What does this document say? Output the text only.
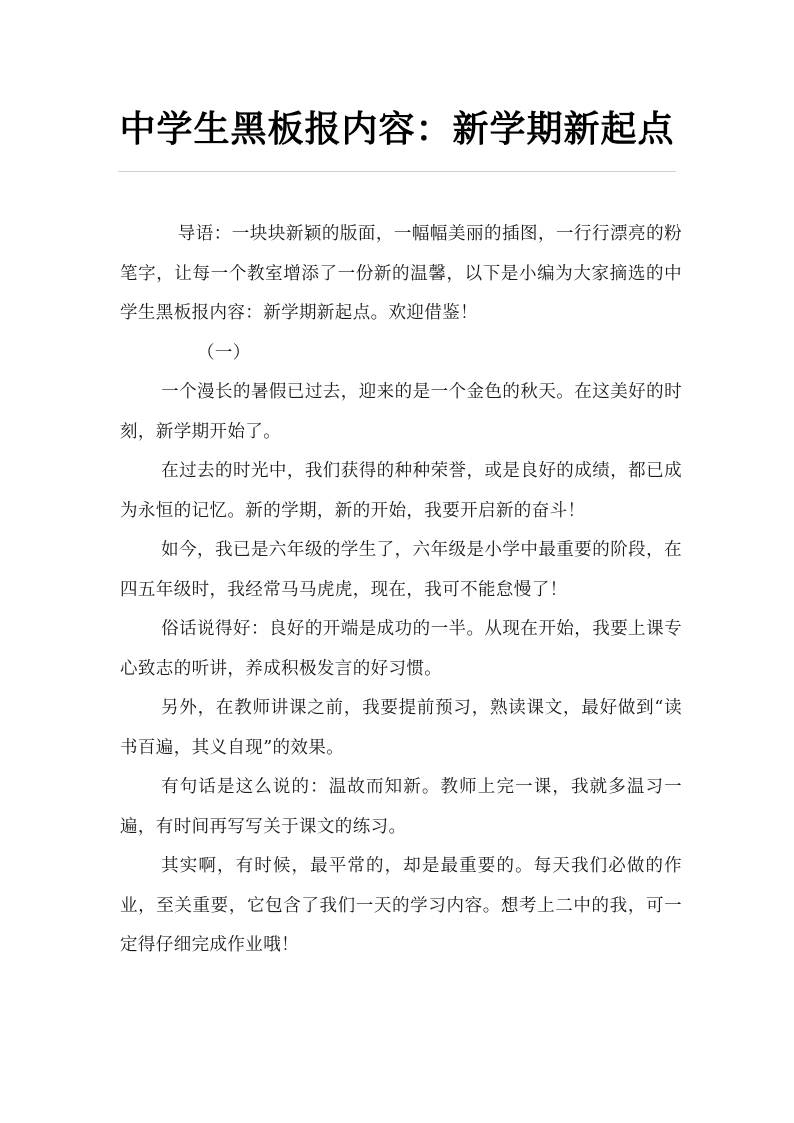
中学生黑板报内容：新学期新起点

导语：一块块新颖的版面，一幅幅美丽的插图，一行行漂亮的粉笔字，让每一个教室增添了一份新的温馨，以下是小编为大家摘选的中学生黑板报内容：新学期新起点。欢迎借鉴！

（一）

一个漫长的暑假已过去，迎来的是一个金色的秋天。在这美好的时刻，新学期开始了。

在过去的时光中，我们获得的种种荣誉，或是良好的成绩，都已成为永恒的记忆。新的学期，新的开始，我要开启新的奋斗！

如今，我已是六年级的学生了，六年级是小学中最重要的阶段，在四五年级时，我经常马马虎虎，现在，我可不能怠慢了！

俗话说得好：良好的开端是成功的一半。从现在开始，我要上课专心致志的听讲，养成积极发言的好习惯。

另外，在教师讲课之前，我要提前预习，熟读课文，最好做到“读书百遍，其义自现”的效果。

有句话是这么说的：温故而知新。教师上完一课，我就多温习一遍，有时间再写写关于课文的练习。

其实啊，有时候，最平常的，却是最重要的。每天我们必做的作业，至关重要，它包含了我们一天的学习内容。想考上二中的我，可一定得仔细完成作业哦！
